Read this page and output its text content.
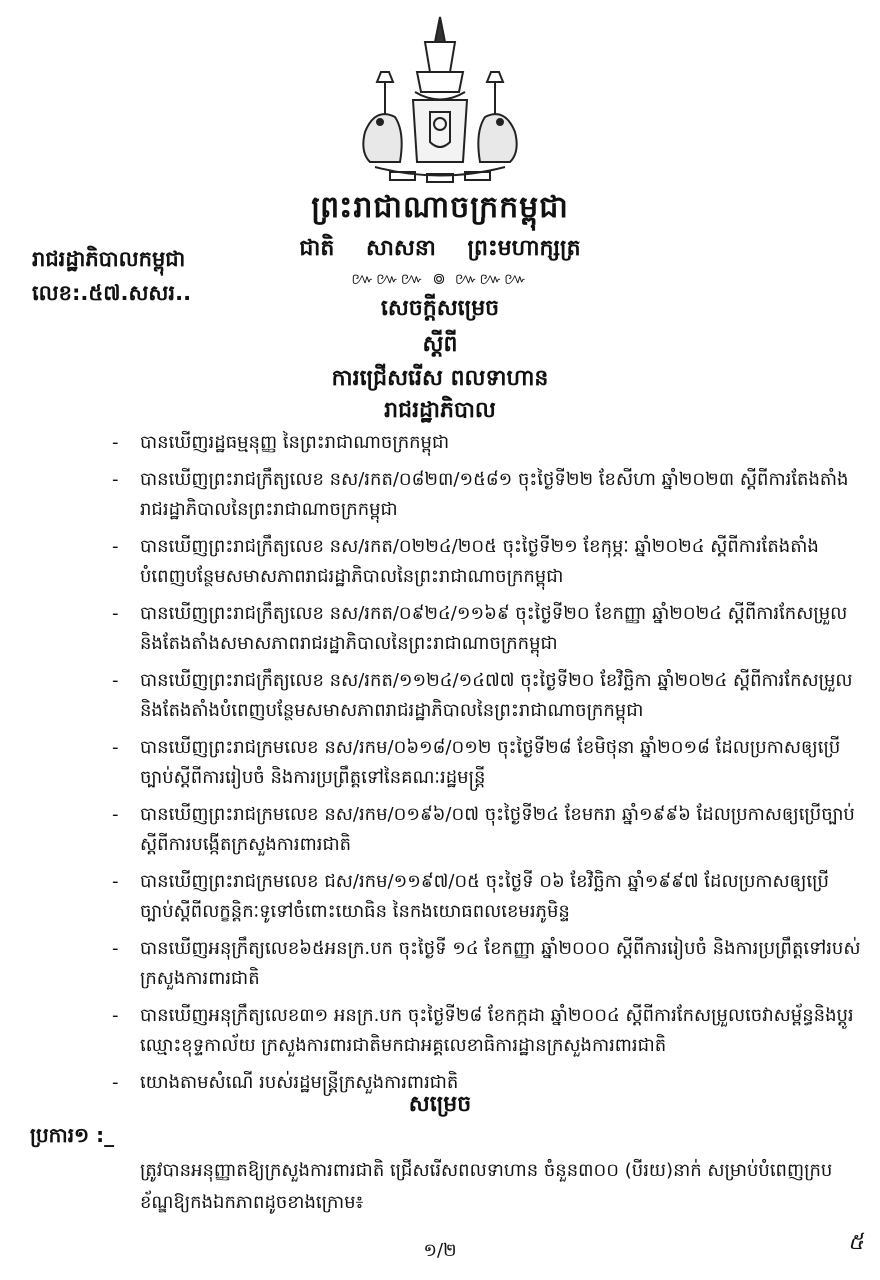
ព្រះរាជាណាចក្រកម្ពុជា
ជាតិ សាសនា ព្រះមហាក្សត្រ
៚៚៚ ៙ ៚៚៚
រាជរដ្ឋាភិបាលកម្ពុជា
លេខ:.៥៧.សសរ..
សេចក្ដីសម្រេច
ស្ដីពី
ការជ្រើសរើស ពលទាហាន
រាជរដ្ឋាភិបាល
- បានឃើញរដ្ឋធម្មនុញ្ញ នៃព្រះរាជាណាចក្រកម្ពុជា
- បានឃើញព្រះរាជក្រឹត្យលេខ នស/រកត/០៨២៣/១៥៨១ ចុះថ្ងៃទី២២ ខែសីហា ឆ្នាំ២០២៣ ស្ដីពីការតែងតាំងរាជរដ្ឋាភិបាលនៃព្រះរាជាណាចក្រកម្ពុជា
- បានឃើញព្រះរាជក្រឹត្យលេខ នស/រកត/០២២៤/២០៥ ចុះថ្ងៃទី២១ ខែកុម្ភៈ ឆ្នាំ២០២៤ ស្ដីពីការតែងតាំងបំពេញបន្ថែមសមាសភាពរាជរដ្ឋាភិបាលនៃព្រះរាជាណាចក្រកម្ពុជា
- បានឃើញព្រះរាជក្រឹត្យលេខ នស/រកត/០៩២៤/១១៦៩ ចុះថ្ងៃទី២០ ខែកញ្ញា ឆ្នាំ២០២៤ ស្ដីពីការកែសម្រួលនិងតែងតាំងសមាសភាពរាជរដ្ឋាភិបាលនៃព្រះរាជាណាចក្រកម្ពុជា
- បានឃើញព្រះរាជក្រឹត្យលេខ នស/រកត/១១២៤/១៤៧៧ ចុះថ្ងៃទី២០ ខែវិច្ឆិកា ឆ្នាំ២០២៤ ស្ដីពីការកែសម្រួលនិងតែងតាំងបំពេញបន្ថែមសមាសភាពរាជរដ្ឋាភិបាលនៃព្រះរាជាណាចក្រកម្ពុជា
- បានឃើញព្រះរាជក្រមលេខ នស/រកម/០៦១៨/០១២ ចុះថ្ងៃទី២៨ ខែមិថុនា ឆ្នាំ២០១៨ ដែលប្រកាសឲ្យប្រើច្បាប់ស្ដីពីការរៀបចំ និងការប្រព្រឹត្តទៅនៃគណៈរដ្ឋមន្ត្រី
- បានឃើញព្រះរាជក្រមលេខ នស/រកម/០១៩៦/០៧ ចុះថ្ងៃទី២៤ ខែមករា ឆ្នាំ១៩៩៦ ដែលប្រកាសឲ្យប្រើច្បាប់ស្ដីពីការបង្កើតក្រសួងការពារជាតិ
- បានឃើញព្រះរាជក្រមលេខ ជស/រកម/១១៩៧/០៥ ចុះថ្ងៃទី ០៦ ខែវិច្ឆិកា ឆ្នាំ១៩៩៧ ដែលប្រកាសឲ្យប្រើច្បាប់ស្ដីពីលក្ខន្តិកៈទូទៅចំពោះយោធិន នៃកងយោធពលខេមរភូមិន្ទ
- បានឃើញអនុក្រឹត្យលេខ៦៥អនក្រ.បក ចុះថ្ងៃទី ១៤ ខែកញ្ញា ឆ្នាំ២០០០ ស្ដីពីការរៀបចំ និងការប្រព្រឹត្តទៅរបស់ក្រសួងការពារជាតិ
- បានឃើញអនុក្រឹត្យលេខ៣១ អនក្រ.បក ចុះថ្ងៃទី២៨ ខែកក្កដា ឆ្នាំ២០០៤ ស្ដីពីការកែសម្រួលចេវាសម្ព័ន្ធនិងប្ដូរឈ្មោះខុទ្ទកាល័យ ក្រសួងការពារជាតិមកជាអគ្គលេខាធិការដ្ឋានក្រសួងការពារជាតិ
- យោងតាមសំណើ របស់រដ្ឋមន្ត្រីក្រសួងការពារជាតិ
សម្រេច
ប្រការ១ :_
ត្រូវបានអនុញ្ញាតឱ្យក្រសួងការពារជាតិ ជ្រើសរើសពលទាហាន ចំនួន៣០០ (បីរយ)នាក់ សម្រាប់បំពេញក្របខ័ណ្ឌឱ្យកងឯកភាពដូចខាងក្រោម៖
១/២	៥
